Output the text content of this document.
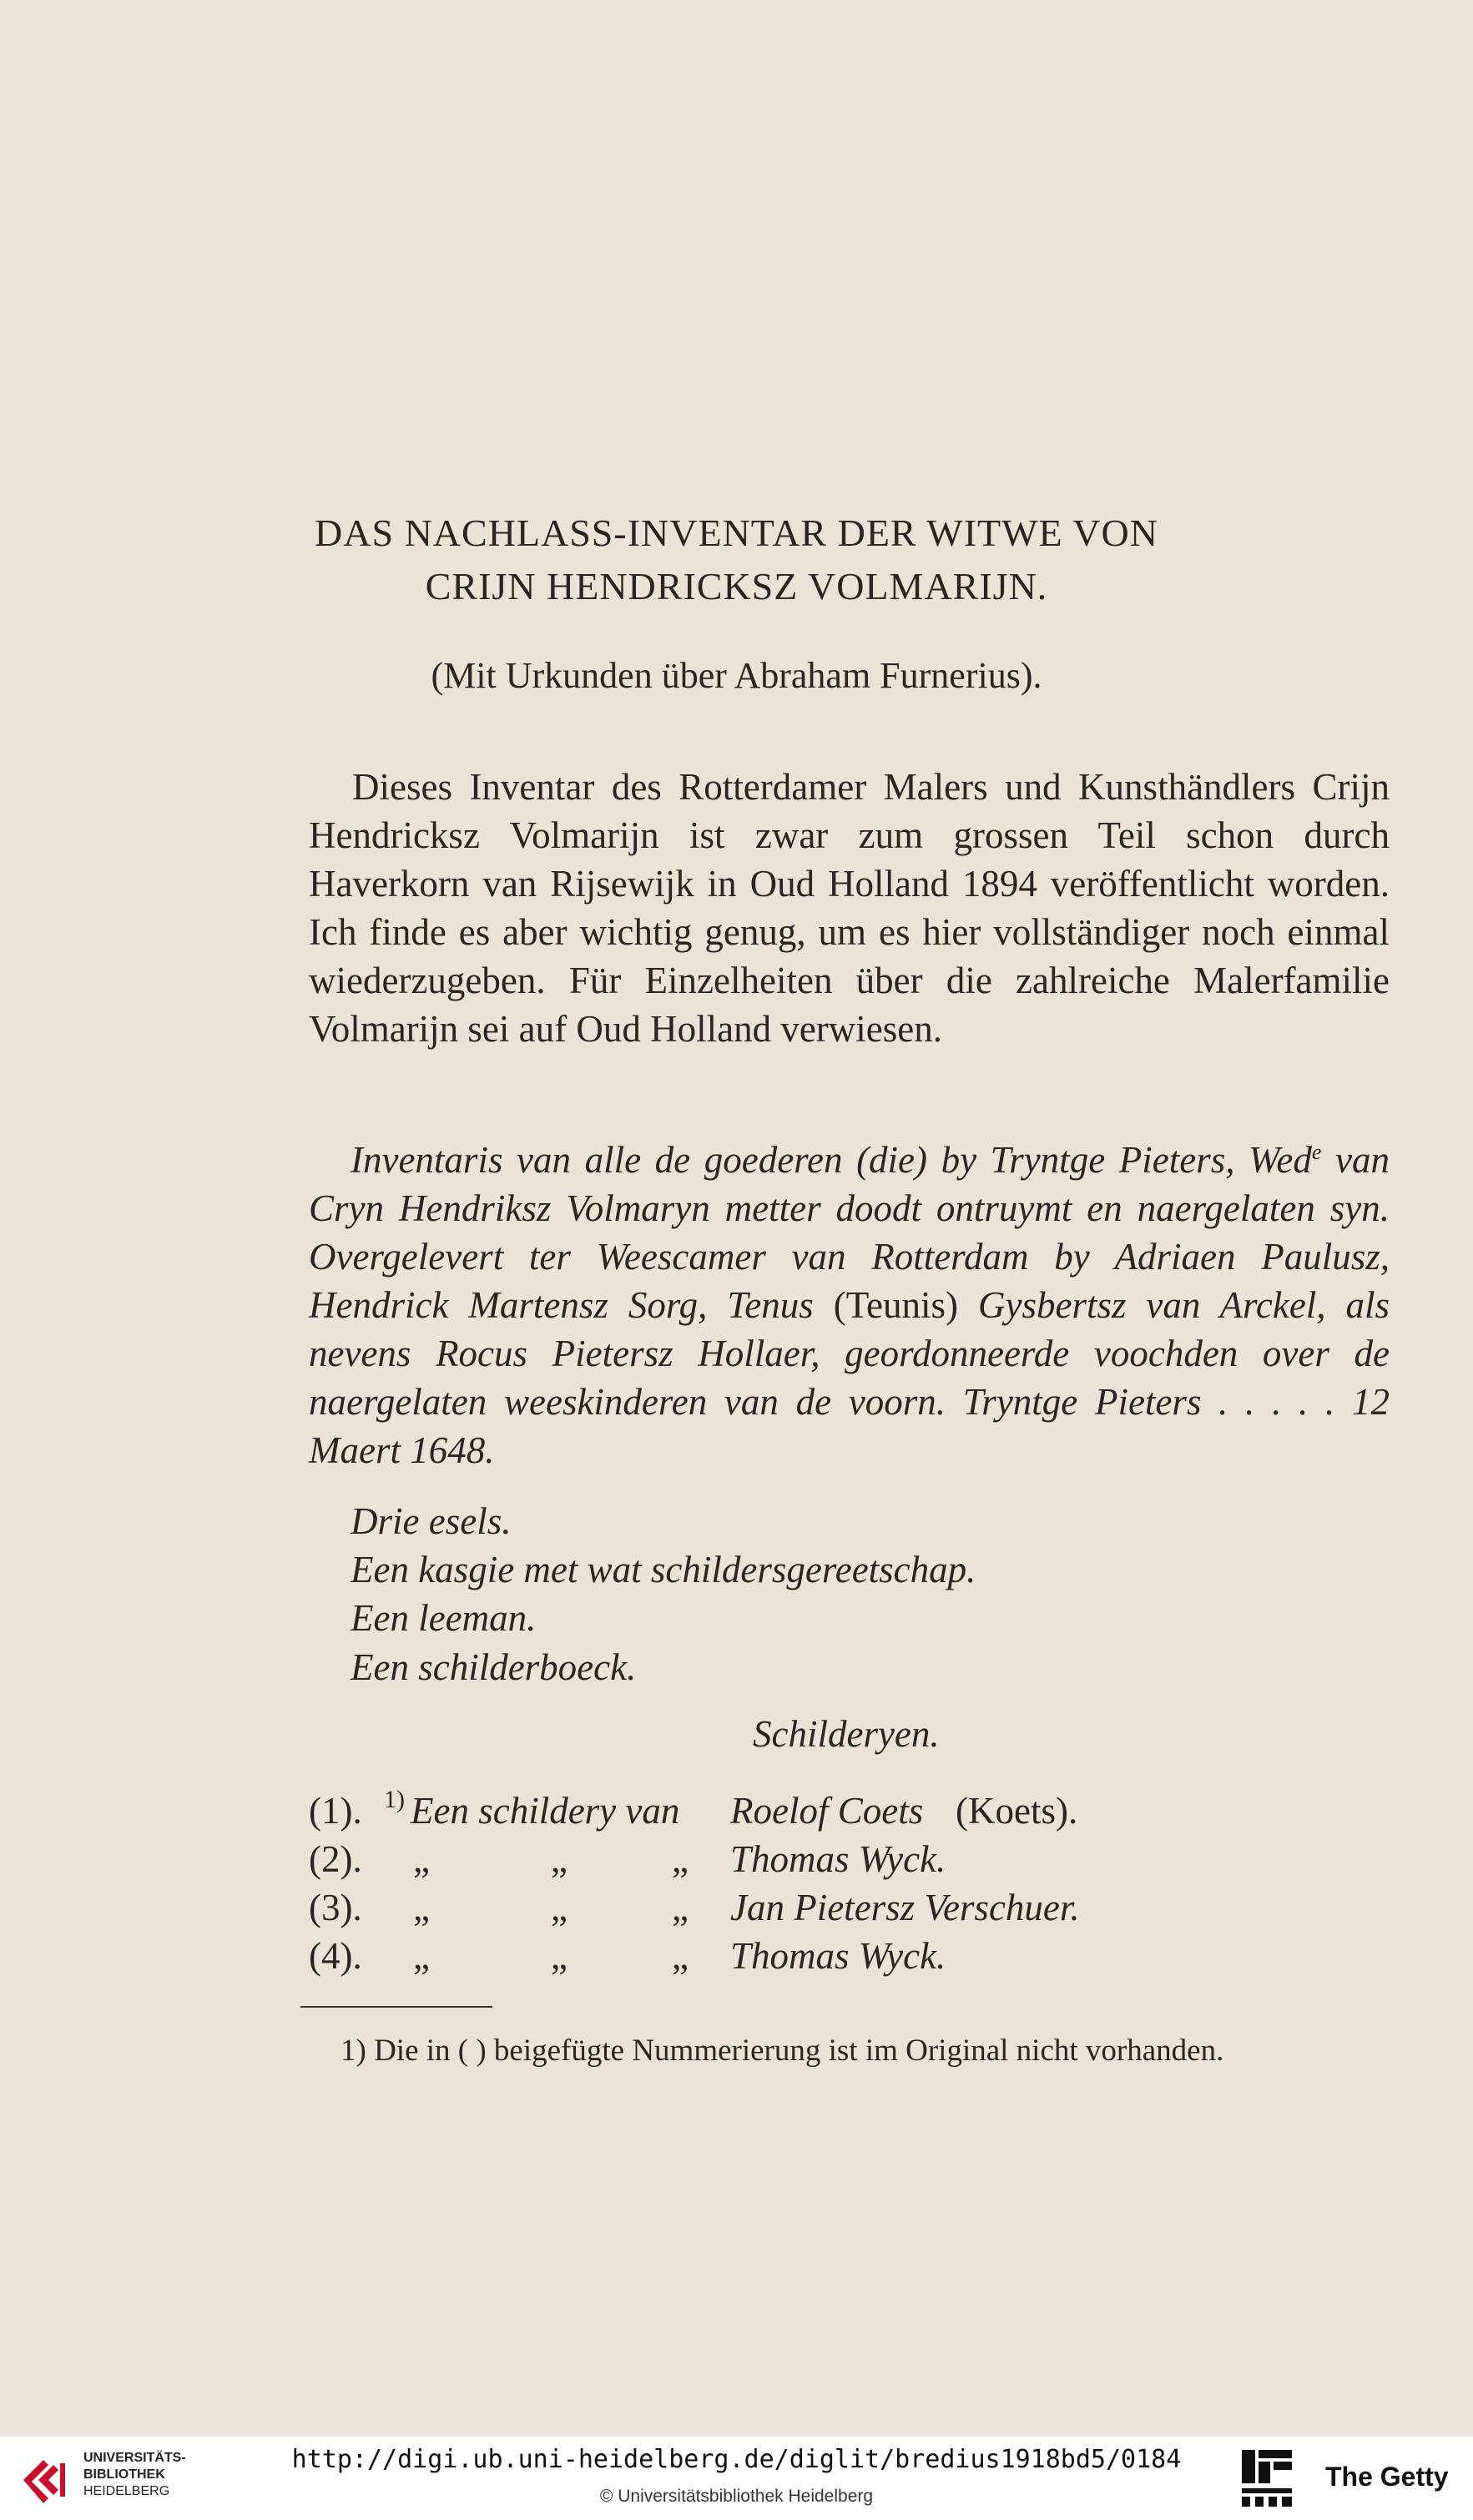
DAS NACHLASS-INVENTAR DER WITWE VON
CRIJN HENDRICKSZ VOLMARIJN.
(Mit Urkunden über Abraham Furnerius).
Dieses Inventar des Rotterdamer Malers und Kunsthändlers Crijn Hendricksz Volmarijn ist zwar zum grossen Teil schon durch Haverkorn van Rijsewijk in Oud Holland 1894 veröffentlicht worden. Ich finde es aber wichtig genug, um es hier vollständiger noch einmal wiederzugeben. Für Einzelheiten über die zahlreiche Malerfamilie Volmarijn sei auf Oud Holland verwiesen.
Inventaris van alle de goederen (die) by Tryntge Pieters, Wed$^e$ van Cryn Hendriksz Volmaryn metter doodt ontruymt en naergelaten syn. Overgelevert ter Weescamer van Rotterdam by Adriaen Paulusz, Hendrick Martensz Sorg, Tenus (Teunis) Gysbertsz van Arckel, als nevens Rocus Pietersz Hollaer, geordonneerde voochden over de naergelaten weeskinderen van de voorn. Tryntge Pieters . . . . . 12 Maert 1648.
Drie esels.
Een kasgie met wat schildersgereetschap.
Een leeman.
Een schilderboeck.
Schilderyen.
(1). 1) Een schildery van Roelof Coets (Koets).
(2). „	„	„ Thomas Wyck.
(3). „	„	„ Jan Pietersz Verschuer.
(4). „	„	„ Thomas Wyck.
1) Die in ( ) beigefügte Nummerierung ist im Original nicht vorhanden.
UNIVERSITÄTS-
BIBLIOTHEK
HEIDELBERG
http://digi.ub.uni-heidelberg.de/diglit/bredius1918bd5/0184
© Universitätsbibliothek Heidelberg
The Getty
